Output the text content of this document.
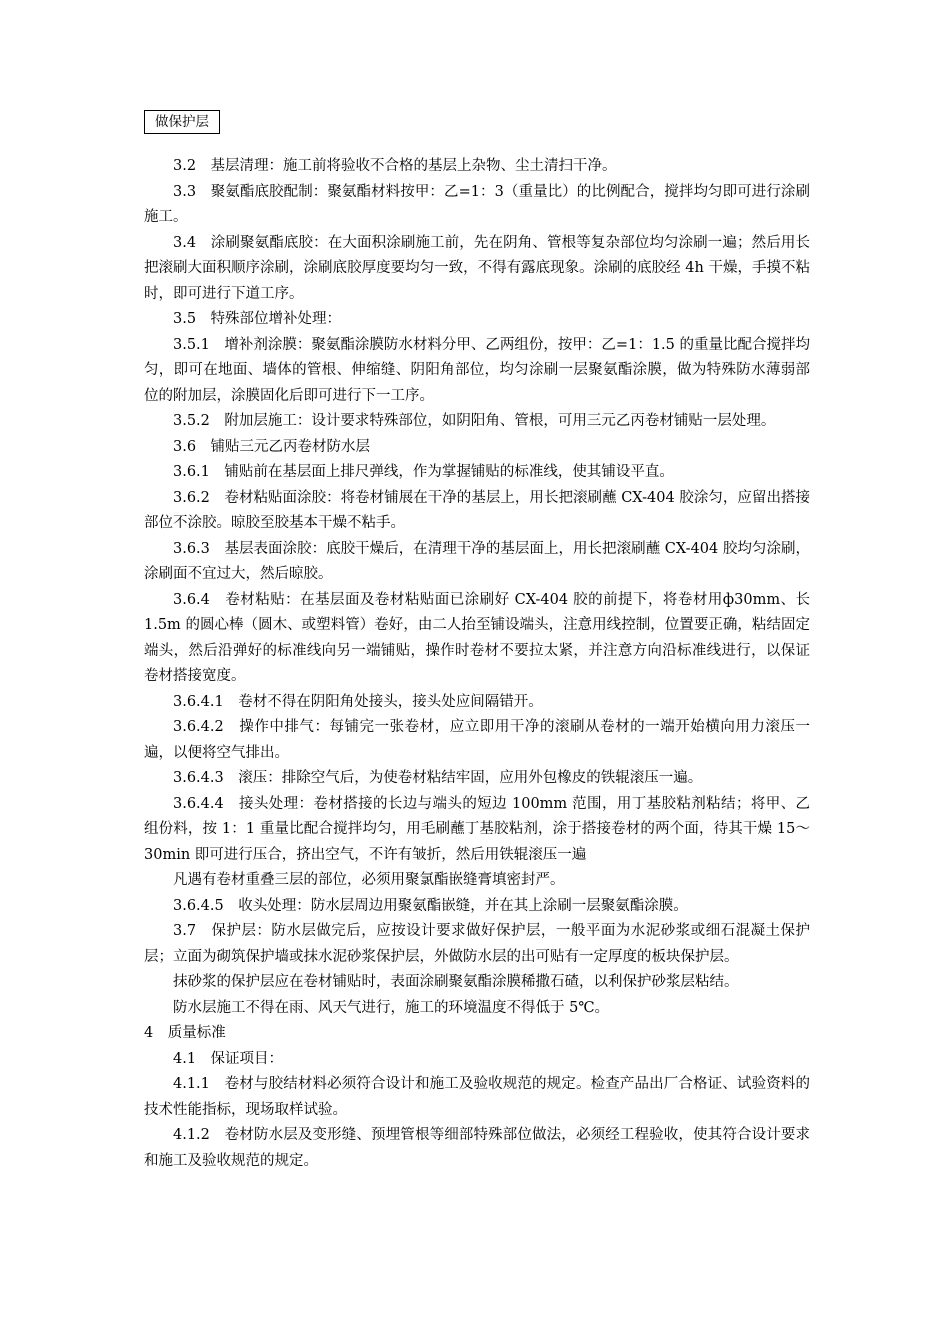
做保护层

3.2　基层清理：施工前将验收不合格的基层上杂物、尘土清扫干净。

3.3　聚氨酯底胶配制：聚氨酯材料按甲：乙=1：3（重量比）的比例配合，搅拌均匀即可进行涂刷施工。

3.4　涂刷聚氨酯底胶：在大面积涂刷施工前，先在阴角、管根等复杂部位均匀涂刷一遍；然后用长把滚刷大面积顺序涂刷，涂刷底胶厚度要均匀一致，不得有露底现象。涂刷的底胶经 4h 干燥，手摸不粘时，即可进行下道工序。

3.5　特殊部位增补处理：

3.5.1　增补剂涂膜：聚氨酯涂膜防水材料分甲、乙两组份，按甲：乙=1：1.5 的重量比配合搅拌均匀，即可在地面、墙体的管根、伸缩缝、阴阳角部位，均匀涂刷一层聚氨酯涂膜，做为特殊防水薄弱部位的附加层，涂膜固化后即可进行下一工序。

3.5.2　附加层施工：设计要求特殊部位，如阴阳角、管根，可用三元乙丙卷材铺贴一层处理。

3.6　铺贴三元乙丙卷材防水层

3.6.1　铺贴前在基层面上排尺弹线，作为掌握铺贴的标准线，使其铺设平直。

3.6.2　卷材粘贴面涂胶：将卷材铺展在干净的基层上，用长把滚刷蘸 CX-404 胶涂匀，应留出搭接部位不涂胶。晾胶至胶基本干燥不粘手。

3.6.3　基层表面涂胶：底胶干燥后，在清理干净的基层面上，用长把滚刷蘸 CX-404 胶均匀涂刷，涂刷面不宜过大，然后晾胶。

3.6.4　卷材粘贴：在基层面及卷材粘贴面已涂刷好 CX-404 胶的前提下，将卷材用ф30mm、长 1.5m 的圆心棒（圆木、或塑料管）卷好，由二人抬至铺设端头，注意用线控制，位置要正确，粘结固定端头，然后沿弹好的标准线向另一端铺贴，操作时卷材不要拉太紧，并注意方向沿标准线进行，以保证卷材搭接宽度。

3.6.4.1　卷材不得在阴阳角处接头，接头处应间隔错开。

3.6.4.2　操作中排气：每铺完一张卷材，应立即用干净的滚刷从卷材的一端开始横向用力滚压一遍，以便将空气排出。

3.6.4.3　滚压：排除空气后，为使卷材粘结牢固，应用外包橡皮的铁辊滚压一遍。

3.6.4.4　接头处理：卷材搭接的长边与端头的短边 100mm 范围，用丁基胶粘剂粘结；将甲、乙组份料，按 1：1 重量比配合搅拌均匀，用毛刷蘸丁基胶粘剂，涂于搭接卷材的两个面，待其干燥 15～30min 即可进行压合，挤出空气，不许有皱折，然后用铁辊滚压一遍

凡遇有卷材重叠三层的部位，必须用聚氯酯嵌缝膏填密封严。

3.6.4.5　收头处理：防水层周边用聚氨酯嵌缝，并在其上涂刷一层聚氨酯涂膜。

3.7　保护层：防水层做完后，应按设计要求做好保护层，一般平面为水泥砂浆或细石混凝土保护层；立面为砌筑保护墙或抹水泥砂浆保护层，外做防水层的出可贴有一定厚度的板块保护层。

抹砂浆的保护层应在卷材铺贴时，表面涂刷聚氨酯涂膜稀撒石碴，以利保护砂浆层粘结。

防水层施工不得在雨、风天气进行，施工的环境温度不得低于 5℃。

4　质量标准

4.1　保证项目：

4.1.1　卷材与胶结材料必须符合设计和施工及验收规范的规定。检查产品出厂合格证、试验资料的技术性能指标，现场取样试验。

4.1.2　卷材防水层及变形缝、预埋管根等细部特殊部位做法，必须经工程验收，使其符合设计要求和施工及验收规范的规定。
